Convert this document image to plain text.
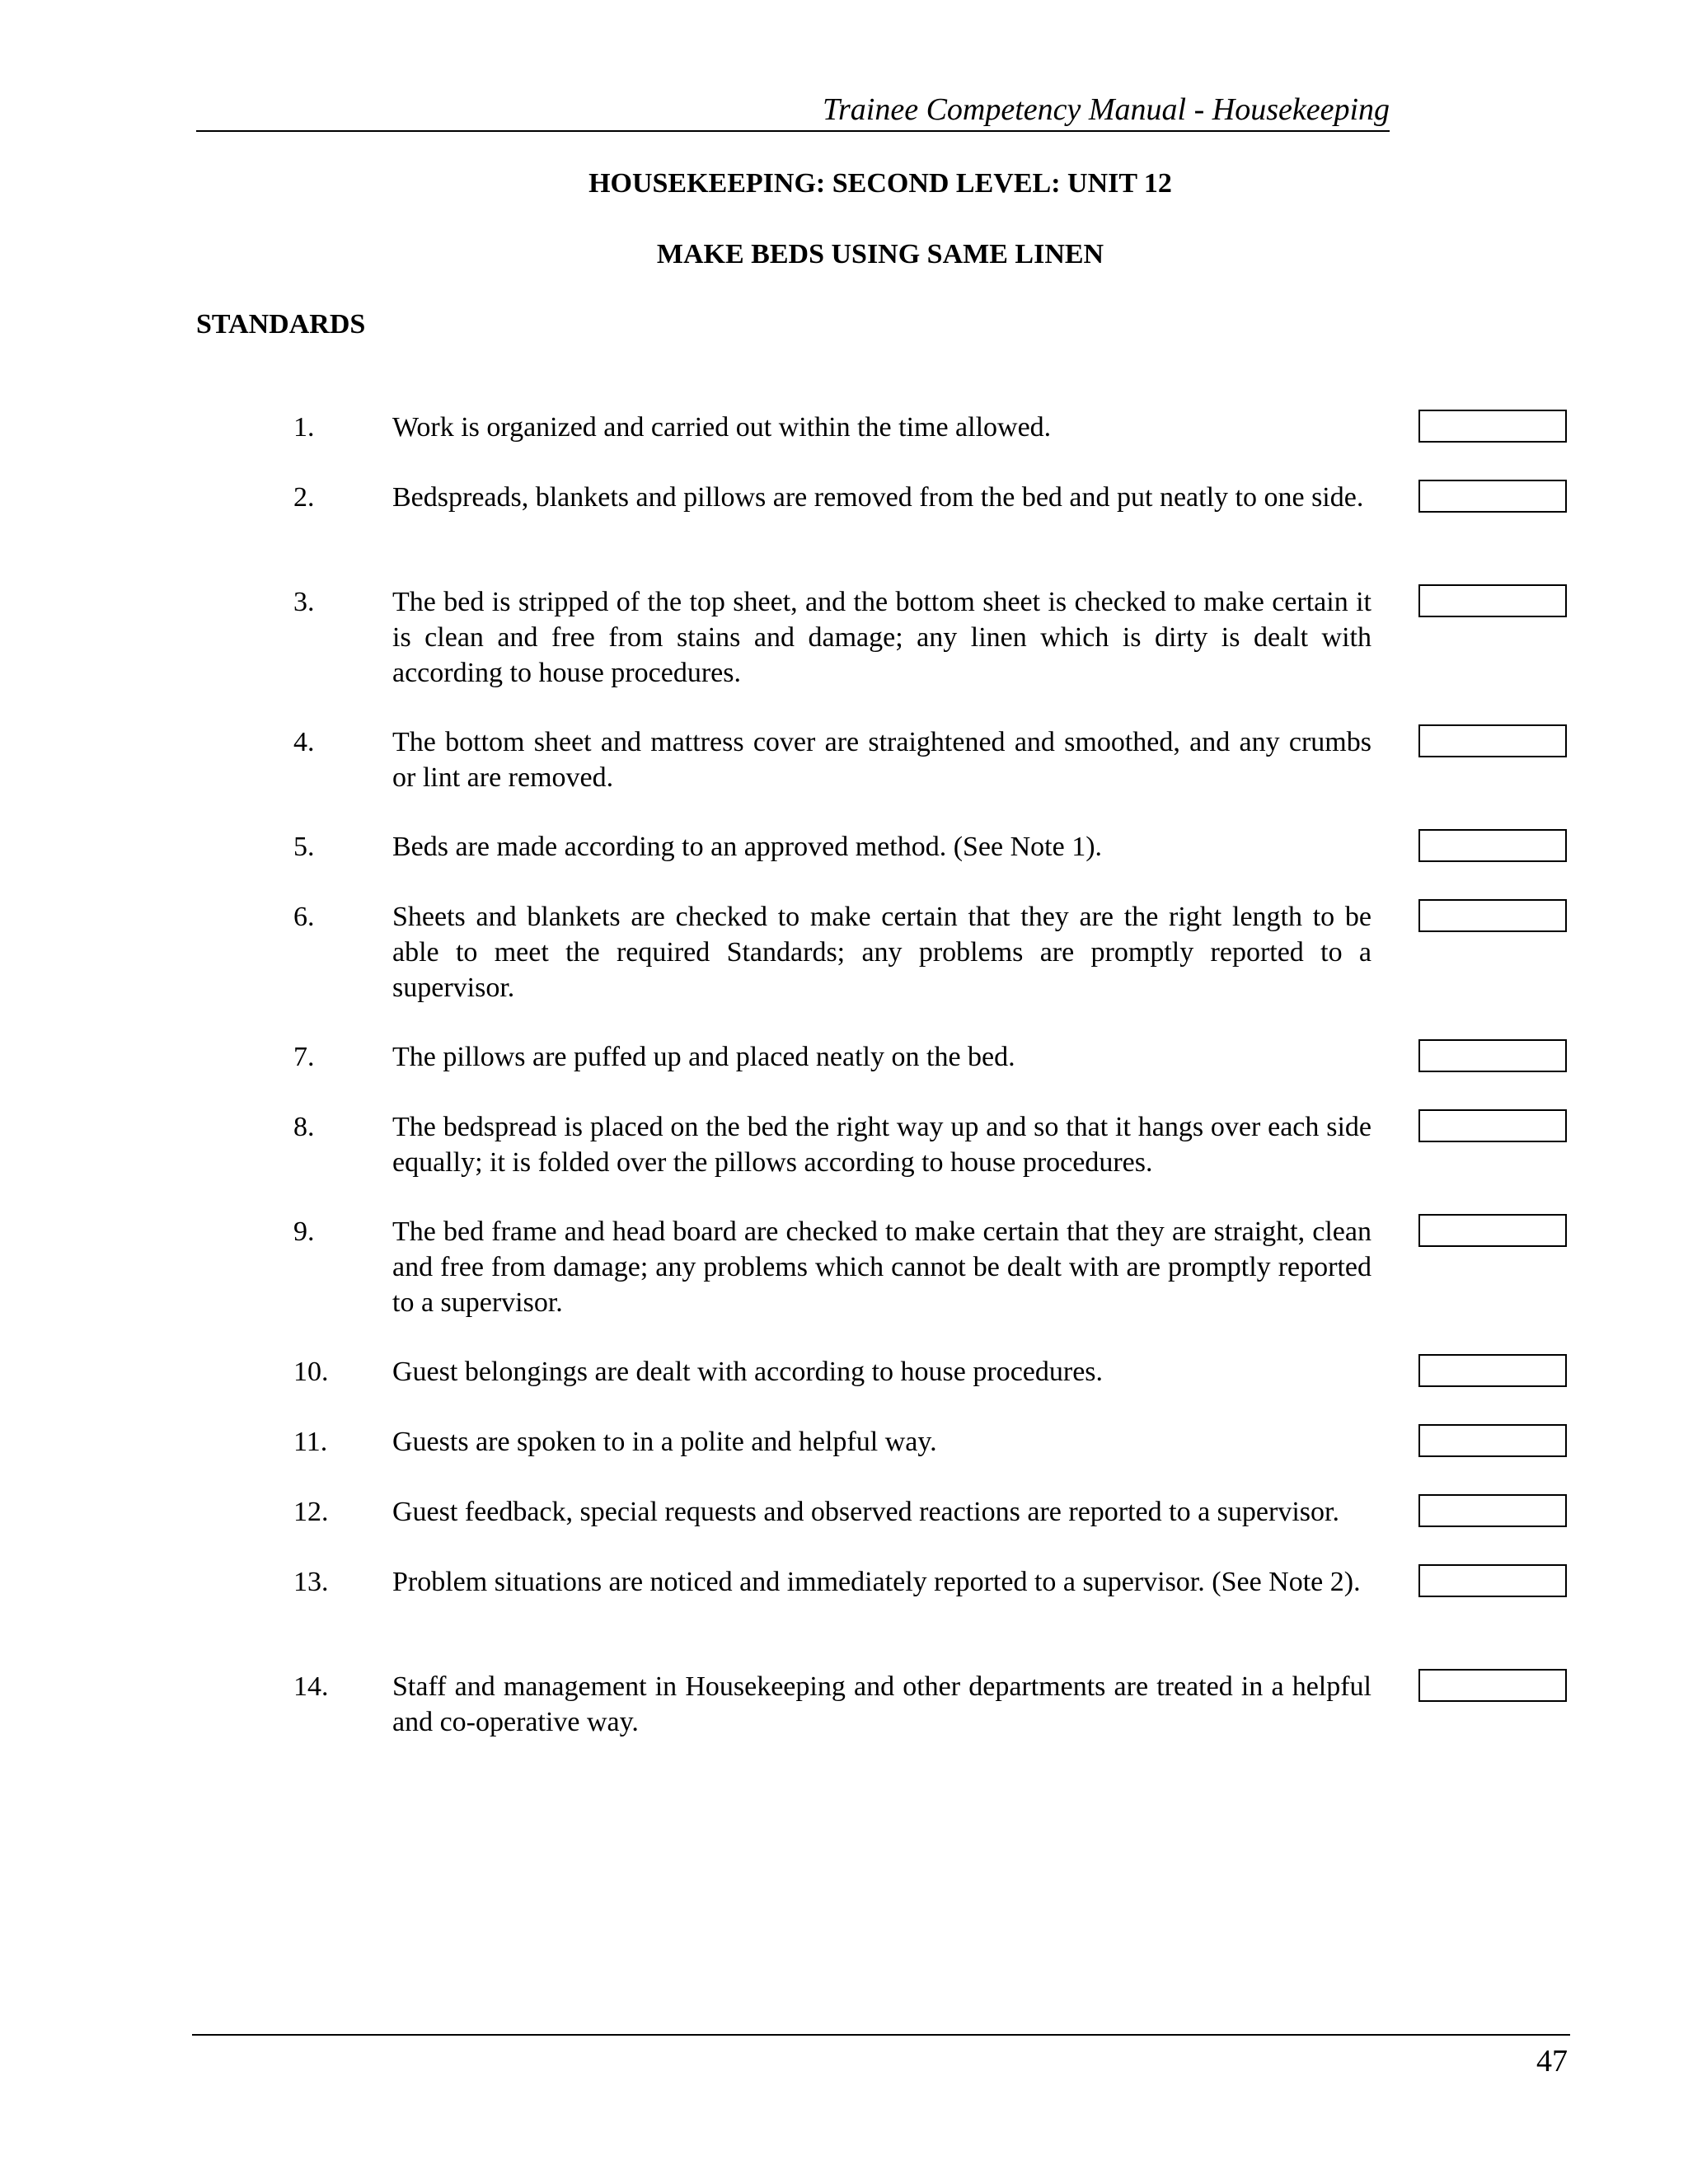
Trainee Competency Manual - Housekeeping
HOUSEKEEPING: SECOND LEVEL: UNIT 12
MAKE BEDS USING SAME LINEN
STANDARDS
1.	Work is organized and carried out within the time allowed.
2.	Bedspreads, blankets and pillows are removed from the bed and put neatly to one side.
3.	The bed is stripped of the top sheet, and the bottom sheet is checked to make certain it is clean and free from stains and damage; any linen which is dirty is dealt with according to house procedures.
4.	The bottom sheet and mattress cover are straightened and smoothed, and any crumbs or lint are removed.
5.	Beds are made according to an approved method. (See Note 1).
6.	Sheets and blankets are checked to make certain that they are the right length to be able to meet the required Standards; any problems are promptly reported to a supervisor.
7.	The pillows are puffed up and placed neatly on the bed.
8.	The bedspread is placed on the bed the right way up and so that it hangs over each side equally; it is folded over the pillows according to house procedures.
9.	The bed frame and head board are checked to make certain that they are straight, clean and free from damage; any problems which cannot be dealt with are promptly reported to a supervisor.
10.	Guest belongings are dealt with according to house procedures.
11.	Guests are spoken to in a polite and helpful way.
12.	Guest feedback, special requests and observed reactions are reported to a supervisor.
13.	Problem situations are noticed and immediately reported to a supervisor. (See Note 2).
14.	Staff and management in Housekeeping and other departments are treated in a helpful and co-operative way.
47
